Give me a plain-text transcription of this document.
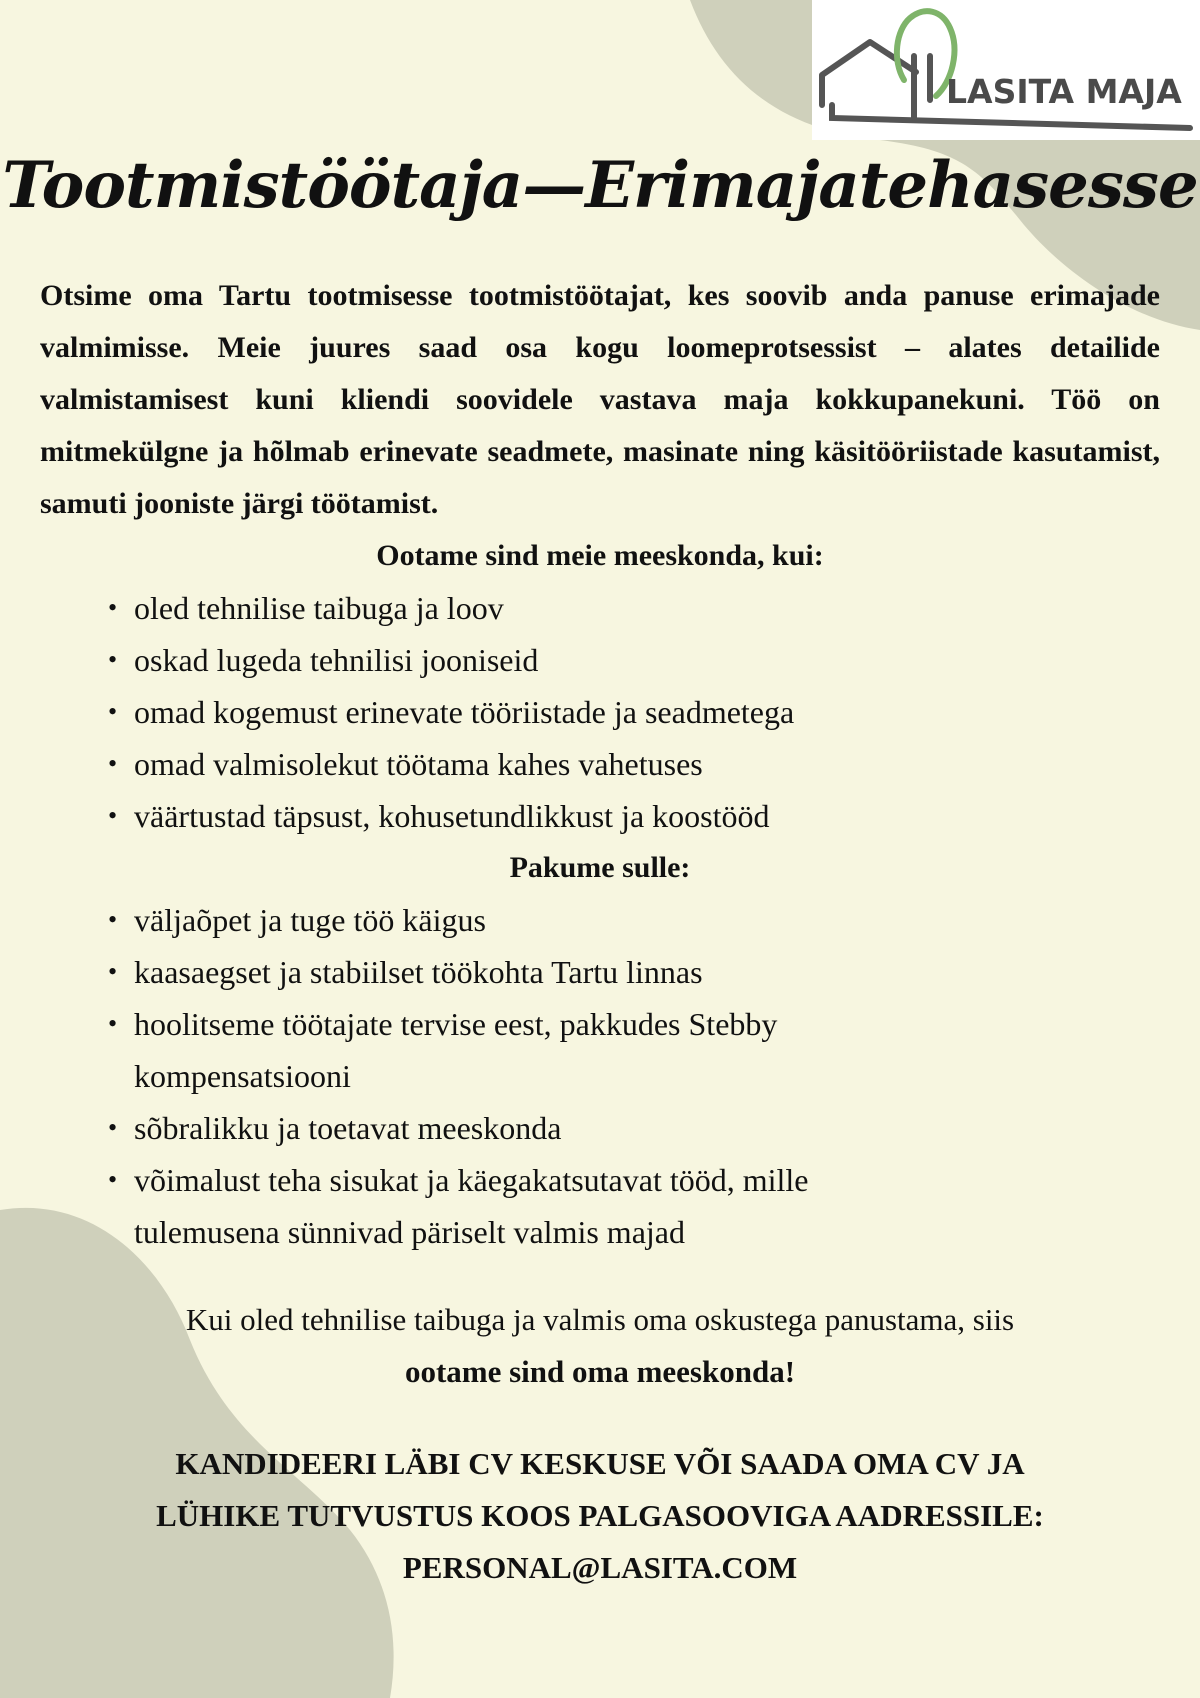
LASITA MAJA
Tootmistöötaja—Erimajatehasesse

Otsime oma Tartu tootmisesse tootmistöötajat, kes soovib anda panuse erimajade valmimisse. Meie juures saad osa kogu loomeprotsessist – alates detailide valmistamisest kuni kliendi soovidele vastava maja kokkupanekuni. Töö on mitmekülgne ja hõlmab erinevate seadmete, masinate ning käsitööriistade kasutamist, samuti jooniste järgi töötamist.

Ootame sind meie meeskonda, kui:

• oled tehnilise taibuga ja loov
• oskad lugeda tehnilisi jooniseid
• omad kogemust erinevate tööriistade ja seadmetega
• omad valmisolekut töötama kahes vahetuses
• väärtustad täpsust, kohusetundlikkust ja koostööd

Pakume sulle:

• väljaõpet ja tuge töö käigus
• kaasaegset ja stabiilset töökohta Tartu linnas
• hoolitseme töötajate tervise eest, pakkudes Stebby kompensatsiooni
• sõbralikku ja toetavat meeskonda
• võimalust teha sisukat ja käegakatsutavat tööd, mille tulemusena sünnivad päriselt valmis majad
Kui oled tehnilise taibuga ja valmis oma oskustega panustama, siis
ootame sind oma meeskonda!
KANDIDEERI LÄBI CV KESKUSE VÕI SAADA OMA CV JA
LÜHIKE TUTVUSTUS KOOS PALGASOOVIGA AADRESSILE:
PERSONAL@LASITA.COM
